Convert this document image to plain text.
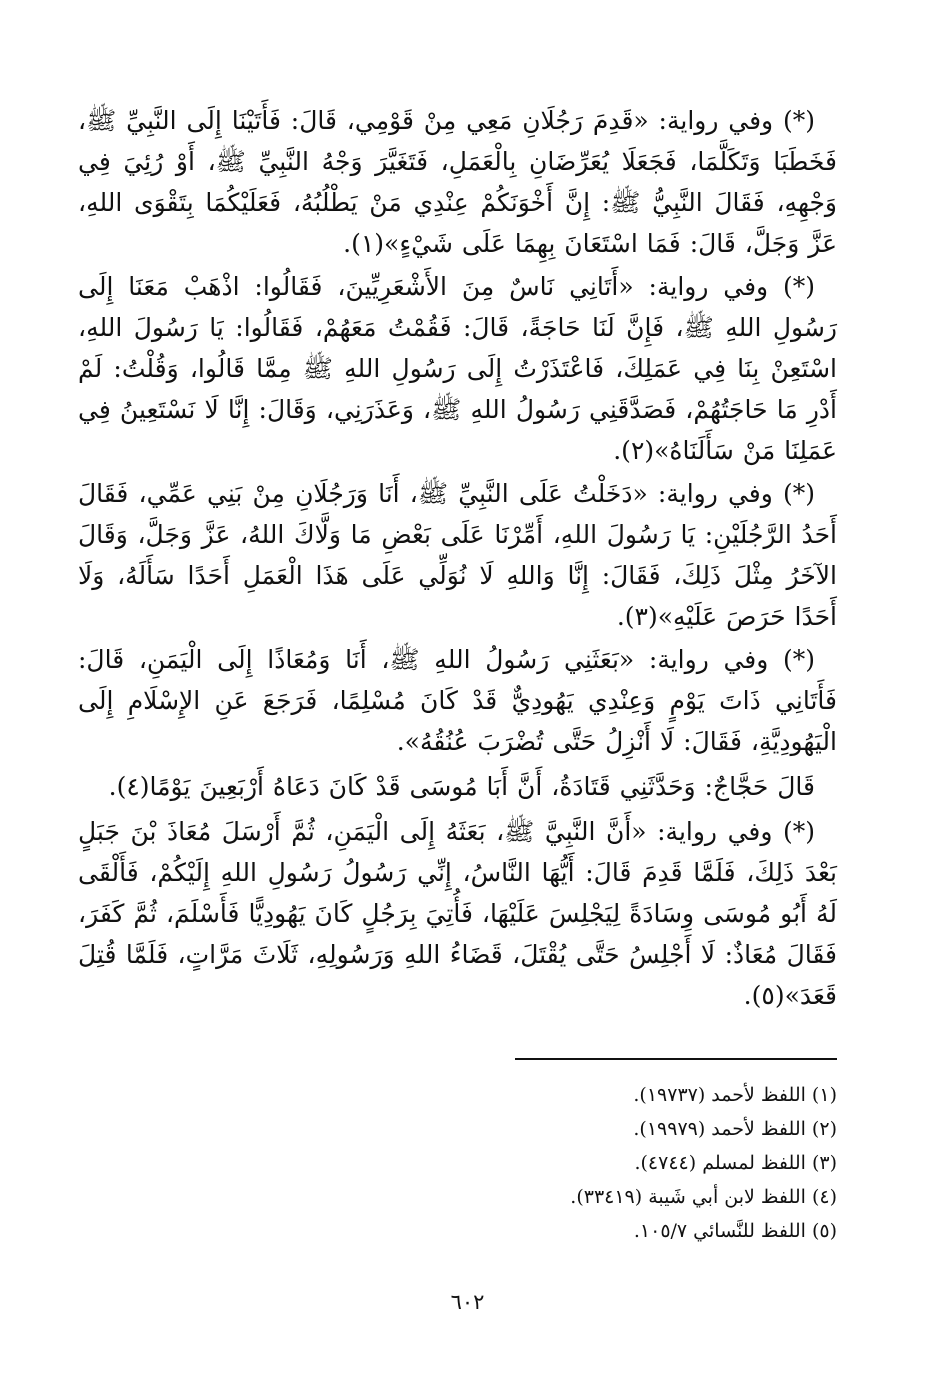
(*) وفي رواية: «قَدِمَ رَجُلَانِ مَعِي مِنْ قَوْمِي، قَالَ: فَأَتَيْنَا إِلَى النَّبِيِّ ﷺ، فَخَطَبَا وَتَكَلَّمَا، فَجَعَلَا يُعَرِّضَانِ بِالْعَمَلِ، فَتَغَيَّرَ وَجْهُ النَّبِيِّ ﷺ، أَوْ رُئِيَ فِي وَجْهِهِ، فَقَالَ النَّبِيُّ ﷺ: إِنَّ أَخْوَنَكُمْ عِنْدِي مَنْ يَطْلُبُهُ، فَعَلَيْكُمَا بِتَقْوَى اللهِ، عَزَّ وَجَلَّ، قَالَ: فَمَا اسْتَعَانَ بِهِمَا عَلَى شَيْءٍ»(١).

(*) وفي رواية: «أَتَانِي نَاسٌ مِنَ الأَشْعَرِيِّينَ، فَقَالُوا: اذْهَبْ مَعَنَا إِلَى رَسُولِ اللهِ ﷺ، فَإِنَّ لَنَا حَاجَةً، قَالَ: فَقُمْتُ مَعَهُمْ، فَقَالُوا: يَا رَسُولَ اللهِ، اسْتَعِنْ بِنَا فِي عَمَلِكَ، فَاعْتَذَرْتُ إِلَى رَسُولِ اللهِ ﷺ مِمَّا قَالُوا، وَقُلْتُ: لَمْ أَدْرِ مَا حَاجَتُهُمْ، فَصَدَّقَنِي رَسُولُ اللهِ ﷺ، وَعَذَرَنِي، وَقَالَ: إِنَّا لَا نَسْتَعِينُ فِي عَمَلِنَا مَنْ سَأَلَنَاهُ»(٢).

(*) وفي رواية: «دَخَلْتُ عَلَى النَّبِيِّ ﷺ، أَنَا وَرَجُلَانِ مِنْ بَنِي عَمِّي، فَقَالَ أَحَدُ الرَّجُلَيْنِ: يَا رَسُولَ اللهِ، أَمِّرْنَا عَلَى بَعْضِ مَا وَلَّاكَ اللهُ، عَزَّ وَجَلَّ، وَقَالَ الآخَرُ مِثْلَ ذَلِكَ، فَقَالَ: إِنَّا وَاللهِ لَا نُوَلِّي عَلَى هَذَا الْعَمَلِ أَحَدًا سَأَلَهُ، وَلَا أَحَدًا حَرَصَ عَلَيْهِ»(٣).

(*) وفي رواية: «بَعَثَنِي رَسُولُ اللهِ ﷺ، أَنَا وَمُعَاذًا إِلَى الْيَمَنِ، قَالَ: فَأَتَانِي ذَاتَ يَوْمٍ وَعِنْدِي يَهُودِيٌّ قَدْ كَانَ مُسْلِمًا، فَرَجَعَ عَنِ الإِسْلَامِ إِلَى الْيَهُودِيَّةِ، فَقَالَ: لَا أَنْزِلُ حَتَّى تُضْرَبَ عُنُقُهُ».

قَالَ حَجَّاجٌ: وَحَدَّثَنِي قَتَادَةُ، أَنَّ أَبَا مُوسَى قَدْ كَانَ دَعَاهُ أَرْبَعِينَ يَوْمًا(٤).

(*) وفي رواية: «أَنَّ النَّبِيَّ ﷺ، بَعَثَهُ إِلَى الْيَمَنِ، ثُمَّ أَرْسَلَ مُعَاذَ بْنَ جَبَلٍ بَعْدَ ذَلِكَ، فَلَمَّا قَدِمَ قَالَ: أَيُّهَا النَّاسُ، إِنِّي رَسُولُ رَسُولِ اللهِ إِلَيْكُمْ، فَأَلْقَى لَهُ أَبُو مُوسَى وِسَادَةً لِيَجْلِسَ عَلَيْهَا، فَأُتِيَ بِرَجُلٍ كَانَ يَهُودِيًّا فَأَسْلَمَ، ثُمَّ كَفَرَ، فَقَالَ مُعَاذٌ: لَا أَجْلِسُ حَتَّى يُقْتَلَ، قَضَاءُ اللهِ وَرَسُولِهِ، ثَلَاثَ مَرَّاتٍ، فَلَمَّا قُتِلَ قَعَدَ»(٥).

(١) اللفظ لأحمد (١٩٧٣٧).

(٢) اللفظ لأحمد (١٩٩٧٩).

(٣) اللفظ لمسلم (٤٧٤٤).

(٤) اللفظ لابن أبي شَيبة (٣٣٤١٩).

(٥) اللفظ للنَّسائي ١٠٥/٧.

٦٠٢
